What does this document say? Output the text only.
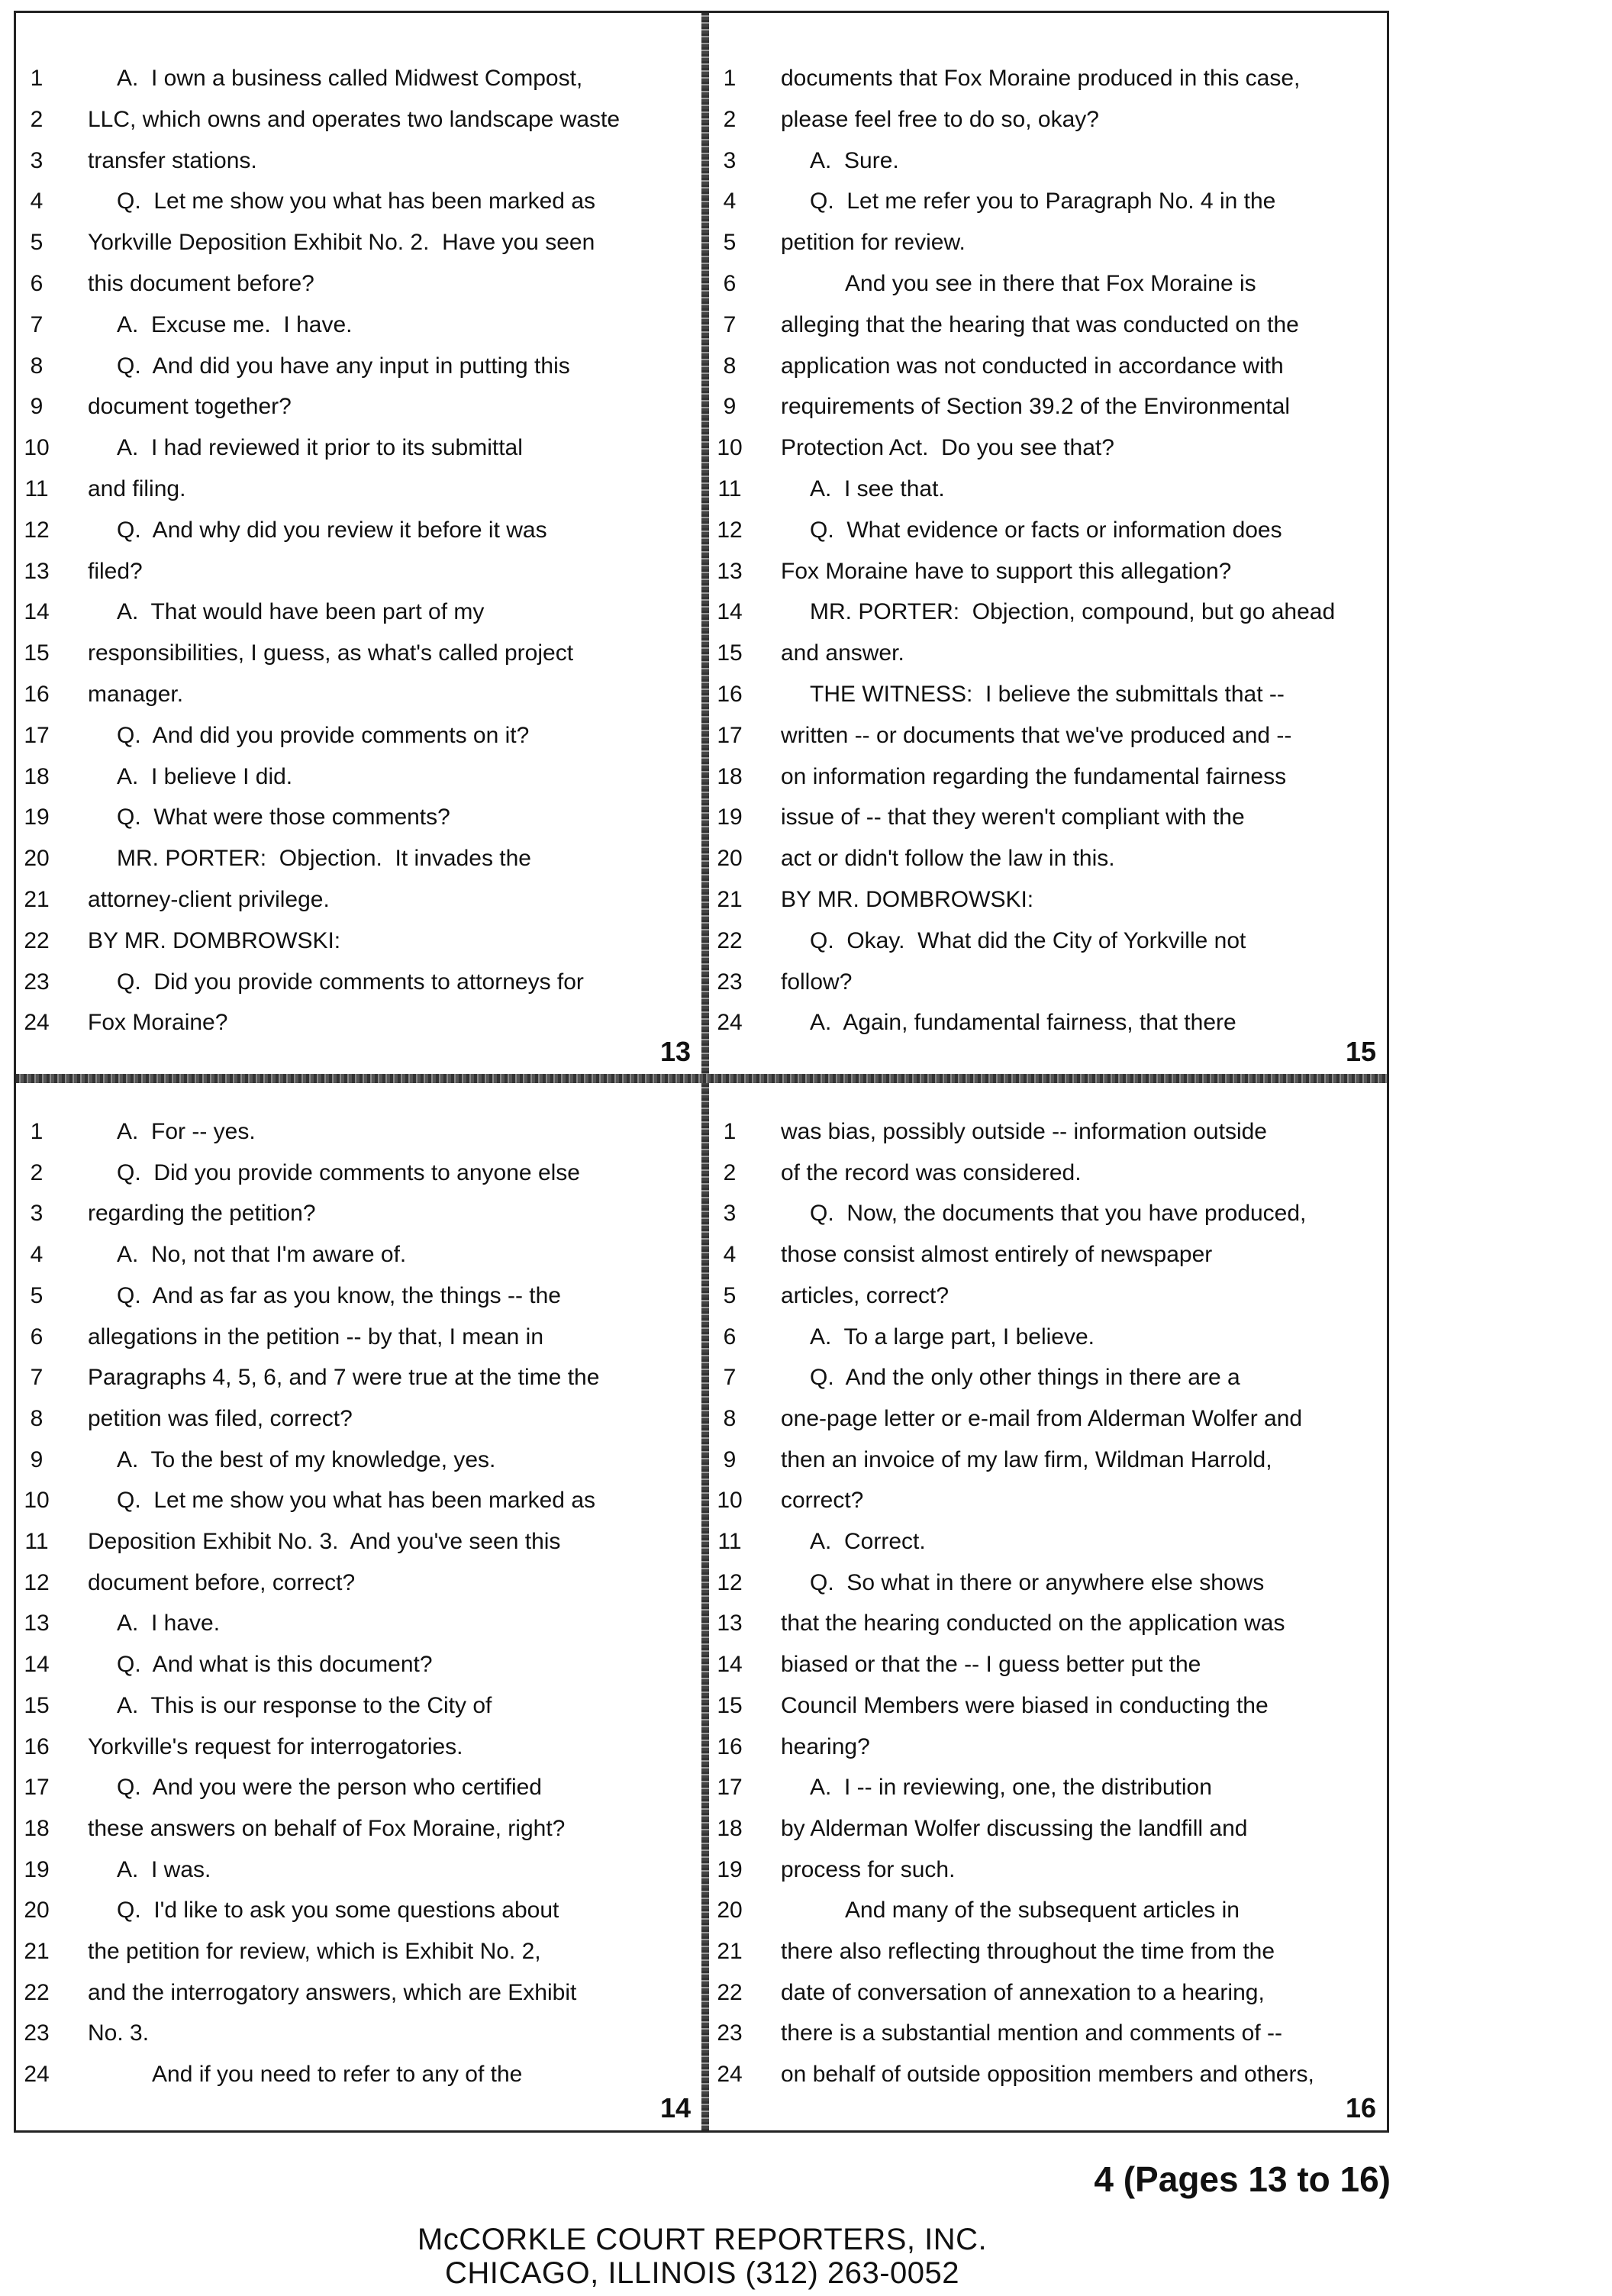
1	A.  I own a business called Midwest Compost,
2	LLC, which owns and operates two landscape waste
3	transfer stations.
4	Q.  Let me show you what has been marked as
5	Yorkville Deposition Exhibit No. 2.  Have you seen
6	this document before?
7	A.  Excuse me.  I have.
8	Q.  And did you have any input in putting this
9	document together?
10	A.  I had reviewed it prior to its submittal
11	and filing.
12	Q.  And why did you review it before it was
13 filed?
14	A.  That would have been part of my
15 responsibilities, I guess, as what's called project
16 manager.
17	Q.  And did you provide comments on it?
18	A.  I believe I did.
19	Q.  What were those comments?
20	MR. PORTER:  Objection.  It invades the
21 attorney-client privilege.
22 BY MR. DOMBROWSKI:
23	Q.  Did you provide comments to attorneys for
24 Fox Moraine?
13
1	documents that Fox Moraine produced in this case,
2	please feel free to do so, okay?
3	A.  Sure.
4	Q.  Let me refer you to Paragraph No. 4 in the
5	petition for review.
6	And you see in there that Fox Moraine is
7	alleging that the hearing that was conducted on the
8	application was not conducted in accordance with
9	requirements of Section 39.2 of the Environmental
10 Protection Act.  Do you see that?
11	A.  I see that.
12	Q.  What evidence or facts or information does
13 Fox Moraine have to support this allegation?
14	MR. PORTER:  Objection, compound, but go ahead
15 and answer.
16	THE WITNESS:  I believe the submittals that --
17 written -- or documents that we've produced and --
18 on information regarding the fundamental fairness
19 issue of -- that they weren't compliant with the
20 act or didn't follow the law in this.
21 BY MR. DOMBROWSKI:
22	Q.  Okay.  What did the City of Yorkville not
23 follow?
24	A.  Again, fundamental fairness, that there
15
1	A.  For -- yes.
2	Q.  Did you provide comments to anyone else
3	regarding the petition?
4	A.  No, not that I'm aware of.
5	Q.  And as far as you know, the things -- the
6	allegations in the petition -- by that, I mean in
7	Paragraphs 4, 5, 6, and 7 were true at the time the
8	petition was filed, correct?
9	A.  To the best of my knowledge, yes.
10	Q.  Let me show you what has been marked as
11	Deposition Exhibit No. 3.  And you've seen this
12 document before, correct?
13	A.  I have.
14	Q.  And what is this document?
15	A.  This is our response to the City of
16 Yorkville's request for interrogatories.
17	Q.  And you were the person who certified
18 these answers on behalf of Fox Moraine, right?
19	A.  I was.
20	Q.  I'd like to ask you some questions about
21 the petition for review, which is Exhibit No. 2,
22 and the interrogatory answers, which are Exhibit
23 No. 3.
24	And if you need to refer to any of the
14
1	was bias, possibly outside -- information outside
2	of the record was considered.
3	Q.  Now, the documents that you have produced,
4	those consist almost entirely of newspaper
5	articles, correct?
6	A.  To a large part, I believe.
7	Q.  And the only other things in there are a
8	one-page letter or e-mail from Alderman Wolfer and
9	then an invoice of my law firm, Wildman Harrold,
10 correct?
11	A.  Correct.
12	Q.  So what in there or anywhere else shows
13 that the hearing conducted on the application was
14 biased or that the -- I guess better put the
15 Council Members were biased in conducting the
16 hearing?
17	A.  I -- in reviewing, one, the distribution
18 by Alderman Wolfer discussing the landfill and
19 process for such.
20	And many of the subsequent articles in
21 there also reflecting throughout the time from the
22 date of conversation of annexation to a hearing,
23 there is a substantial mention and comments of --
24 on behalf of outside opposition members and others,
16
4 (Pages 13 to 16)
McCORKLE COURT REPORTERS, INC.
CHICAGO, ILLINOIS (312) 263-0052
